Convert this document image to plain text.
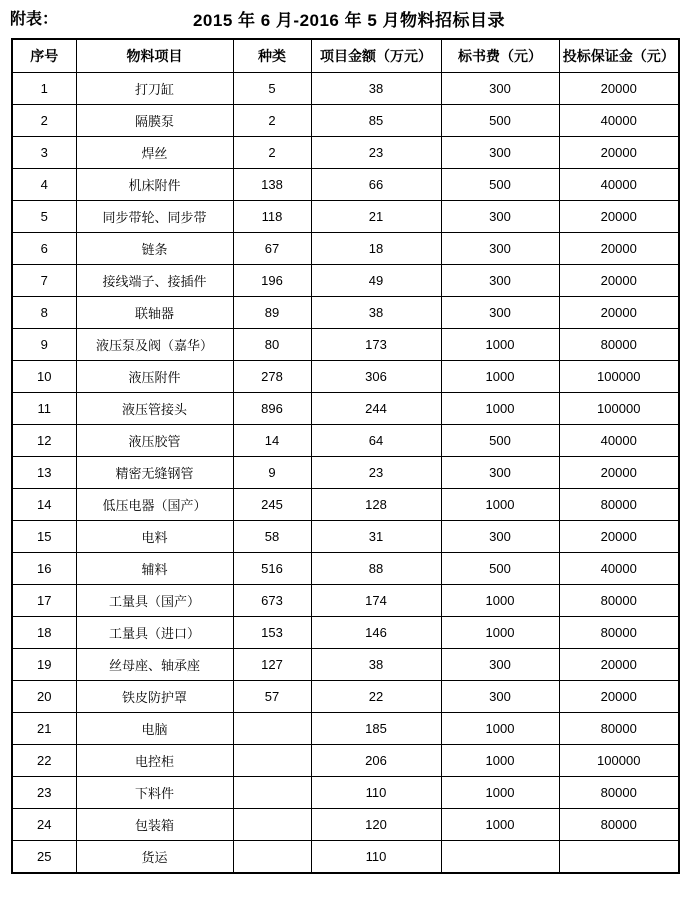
附表：	2015 年 6 月-2016 年 5 月物料招标目录
序号	物料项目	种类	项目金额（万元）	标书费（元）	投标保证金（元）
1	打刀缸	5	38	300	20000
2	隔膜泵	2	85	500	40000
3	焊丝	2	23	300	20000
4	机床附件	138	66	500	40000
5	同步带轮、同步带	118	21	300	20000
6	链条	67	18	300	20000
7	接线端子、接插件	196	49	300	20000
8	联轴器	89	38	300	20000
9	液压泵及阀（嘉华）	80	173	1000	80000
10	液压附件	278	306	1000	100000
11	液压管接头	896	244	1000	100000
12	液压胶管	14	64	500	40000
13	精密无缝钢管	9	23	300	20000
14	低压电器（国产）	245	128	1000	80000
15	电料	58	31	300	20000
16	辅料	516	88	500	40000
17	工量具（国产）	673	174	1000	80000
18	工量具（进口）	153	146	1000	80000
19	丝母座、轴承座	127	38	300	20000
20	铁皮防护罩	57	22	300	20000
21	电脑		185	1000	80000
22	电控柜		206	1000	100000
23	下料件		110	1000	80000
24	包装箱		120	1000	80000
25	货运		110		
